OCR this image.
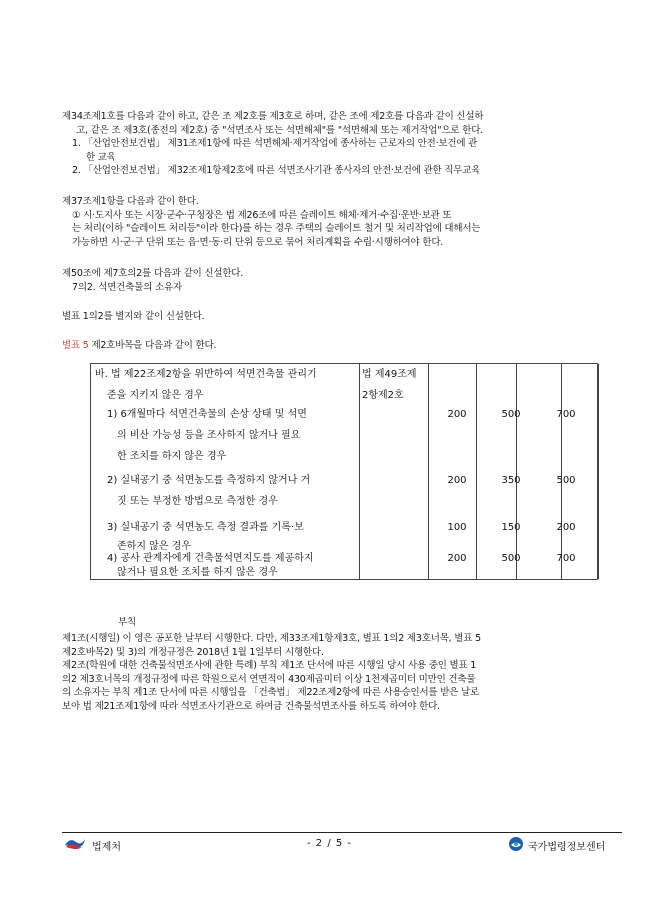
제34조제1호를 다음과 같이 하고, 같은 조 제2호를 제3호로 하며, 같은 조에 제2호를 다음과 같이 신설하

고, 같은 조 제3호(종전의 제2호) 중 "석면조사 또는 석면해체"를 "석면해체 또는 제거작업"으로 한다.

1. 「산업안전보건법」 제31조제1항에 따른 석면해체·제거작업에 종사하는 근로자의 안전·보건에 관

한 교육

2. 「산업안전보건법」 제32조제1항제2호에 따른 석면조사기관 종사자의 안전·보건에 관한 직무교육

제37조제1항을 다음과 같이 한다.

① 시·도지사 또는 시장·군수·구청장은 법 제26조에 따른 슬레이트 해체·제거·수집·운반·보관 또

는 처리(이하 "슬레이트 처리등"이라 한다)를 하는 경우 주택의 슬레이트 철거 및 처리작업에 대해서는

가능하면 시·군·구 단위 또는 읍·면·동·리 단위 등으로 묶어 처리계획을 수립·시행하여야 한다.

제50조에 제7호의2를 다음과 같이 신설한다.

7의2. 석면건축물의 소유자

별표 1의2를 별지와 같이 신설한다.

별표 5 제2호바목을 다음과 같이 한다.

바. 법 제22조제2항을 위반하여 석면건축물 관리기
준을 지키지 않은 경우
법 제49조제
2항제2호
1) 6개월마다 석면건축물의 손상 상태 및 석면
의 비산 가능성 등을 조사하지 않거나 필요
한 조치를 하지 않은 경우
200	500	700
2) 실내공기 중 석면농도를 측정하지 않거나 거
짓 또는 부정한 방법으로 측정한 경우
200	350	500
3) 실내공기 중 석면농도 측정 결과를 기록·보
존하지 않은 경우
100	150	200
4) 공사 관계자에게 건축물석면지도를 제공하지
않거나 필요한 조치를 하지 않은 경우
200	500	700

부칙

제1조(시행일) 이 영은 공포한 날부터 시행한다. 다만, 제33조제1항제3호, 별표 1의2 제3호너목, 별표 5

제2호바목2) 및 3)의 개정규정은 2018년 1월 1일부터 시행한다.

제2조(학원에 대한 건축물석면조사에 관한 특례) 부칙 제1조 단서에 따른 시행일 당시 사용 중인 별표 1

의2 제3호너목의 개정규정에 따른 학원으로서 연면적이 430제곱미터 이상 1천제곱미터 미만인 건축물

의 소유자는 부칙 제1조 단서에 따른 시행일을 「건축법」 제22조제2항에 따른 사용승인서를 받은 날로

보아 법 제21조제1항에 따라 석면조사기관으로 하여금 건축물석면조사를 하도록 하여야 한다.

법제처	- 2 / 5 -	국가법령정보센터
